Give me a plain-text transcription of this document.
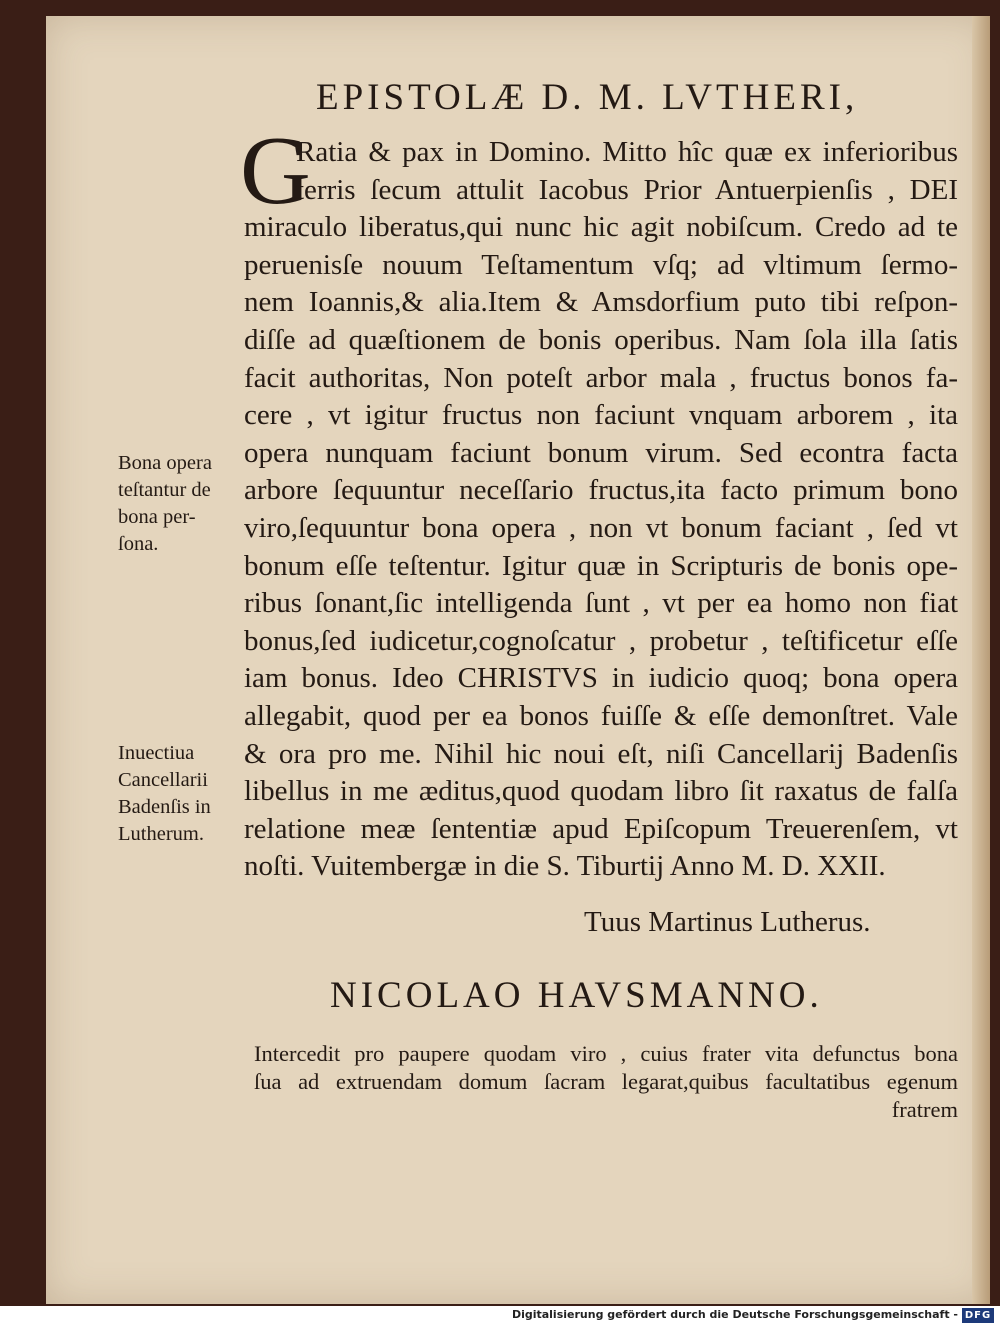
EPISTOLÆ D. M. LVTHERI,
G
Ratia & pax in Domino. Mitto hîc quæ ex inferioribus
terris ſecum attulit Iacobus Prior Antuerpienſis , DEI
miraculo liberatus,qui nunc hic agit nobiſcum. Credo ad te
peruenisſe nouum Teſtamentum vſq; ad vltimum ſermo-
nem Ioannis,& alia.Item & Amsdorfium puto tibi reſpon-
diſſe ad quæſtionem de bonis operibus. Nam ſola illa ſatis
facit authoritas, Non poteſt arbor mala , fructus bonos fa-
cere , vt igitur fructus non faciunt vnquam arborem , ita
opera nunquam faciunt bonum virum. Sed econtra facta
arbore ſequuntur neceſſario fructus,ita facto primum bono
viro,ſequuntur bona opera , non vt bonum faciant , ſed vt
bonum eſſe teſtentur. Igitur quæ in Scripturis de bonis ope-
ribus ſonant,ſic intelligenda ſunt , vt per ea homo non fiat
bonus,ſed iudicetur,cognoſcatur , probetur , teſtificetur eſſe
iam bonus. Ideo CHRISTVS in iudicio quoq; bona opera
allegabit, quod per ea bonos fuiſſe & eſſe demonſtret. Vale
& ora pro me. Nihil hic noui eſt, niſi Cancellarij Badenſis
libellus in me æditus,quod quodam libro ſit raxatus de falſa
relatione meæ ſententiæ apud Epiſcopum Treuerenſem, vt
noſti. Vuitembergæ in die S. Tiburtij Anno M. D. XXII.
Bona opera
teſtantur de
bona per-
ſona.
Inuectiua
Cancellarii
Badenſis in
Lutherum.
Tuus Martinus Lutherus.
NICOLAO HAVSMANNO.
Intercedit pro paupere quodam viro , cuius frater vita defunctus bona
ſua ad extruendam domum ſacram legarat,quibus facultatibus egenum
fratrem
Digitalisierung gefördert durch die Deutsche Forschungsgemeinschaft - DFG
